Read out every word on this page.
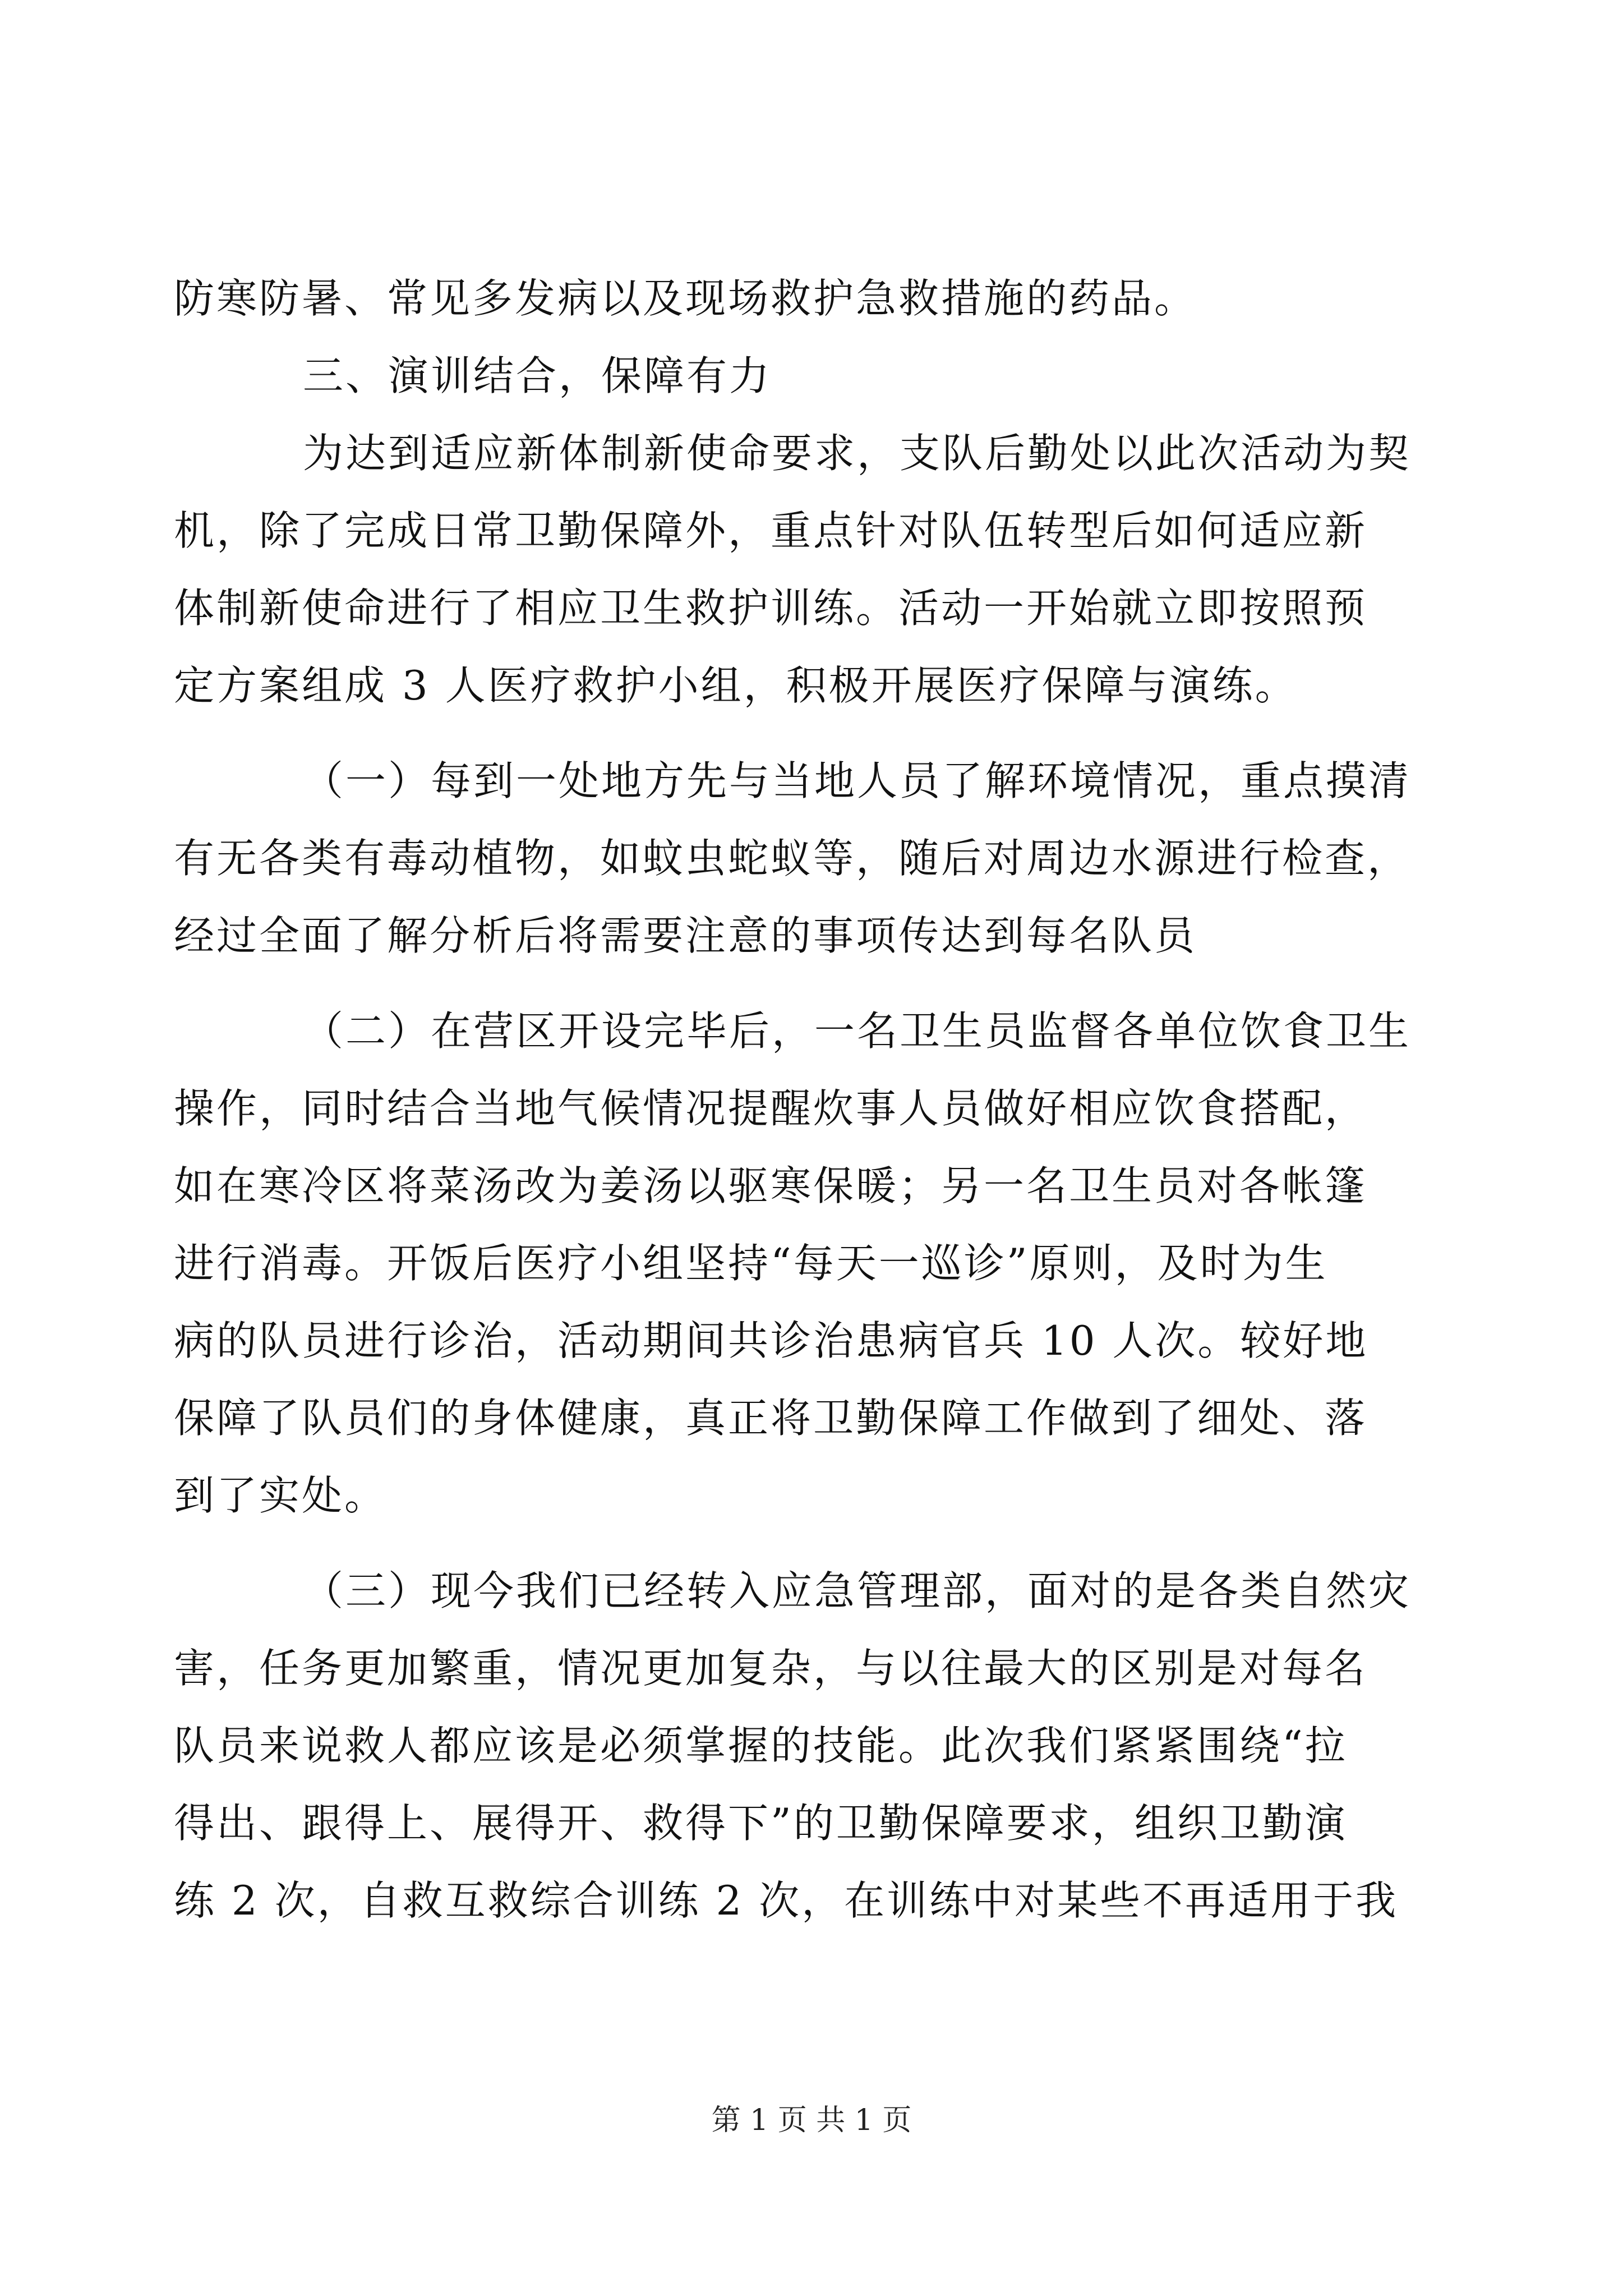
防寒防暑、常见多发病以及现场救护急救措施的药品。
三、演训结合，保障有力
为达到适应新体制新使命要求，支队后勤处以此次活动为契
机，除了完成日常卫勤保障外，重点针对队伍转型后如何适应新
体制新使命进行了相应卫生救护训练。活动一开始就立即按照预
定方案组成 3 人医疗救护小组，积极开展医疗保障与演练。
（一）每到一处地方先与当地人员了解环境情况，重点摸清
有无各类有毒动植物，如蚊虫蛇蚁等，随后对周边水源进行检查，
经过全面了解分析后将需要注意的事项传达到每名队员
（二）在营区开设完毕后，一名卫生员监督各单位饮食卫生
操作，同时结合当地气候情况提醒炊事人员做好相应饮食搭配，
如在寒冷区将菜汤改为姜汤以驱寒保暖；另一名卫生员对各帐篷
进行消毒。开饭后医疗小组坚持“每天一巡诊”原则，及时为生
病的队员进行诊治，活动期间共诊治患病官兵 10 人次。较好地
保障了队员们的身体健康，真正将卫勤保障工作做到了细处、落
到了实处。
（三）现今我们已经转入应急管理部，面对的是各类自然灾
害，任务更加繁重，情况更加复杂，与以往最大的区别是对每名
队员来说救人都应该是必须掌握的技能。此次我们紧紧围绕“拉
得出、跟得上、展得开、救得下”的卫勤保障要求，组织卫勤演
练 2 次，自救互救综合训练 2 次，在训练中对某些不再适用于我
第 1 页 共 1 页
